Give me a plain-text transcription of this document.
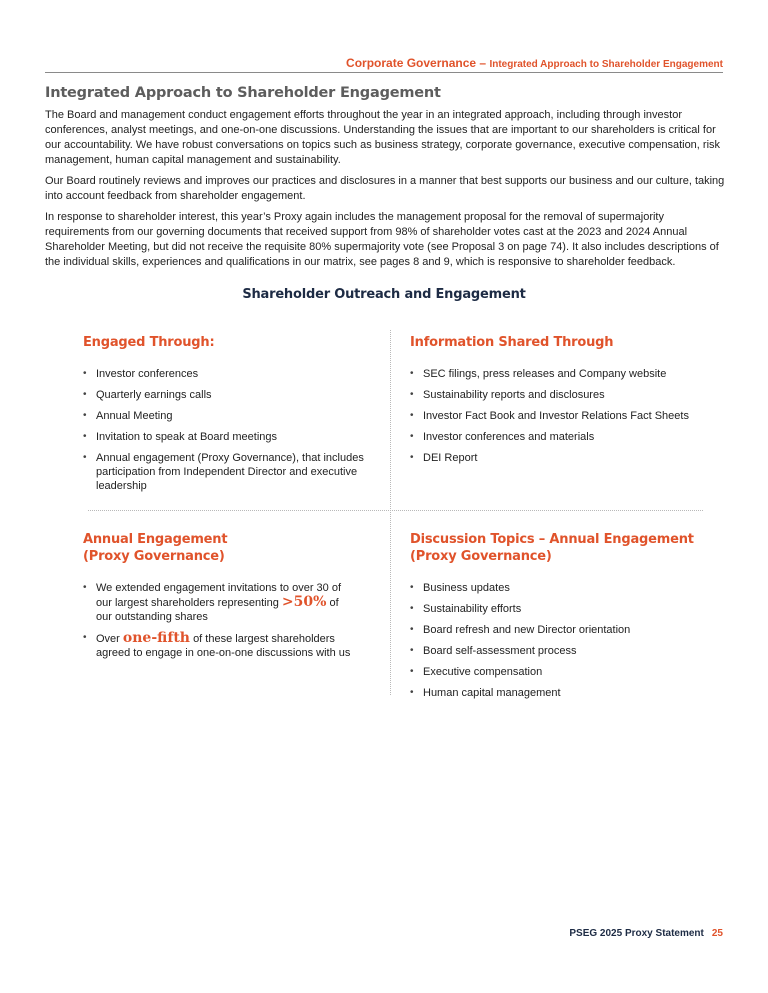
Corporate Governance – Integrated Approach to Shareholder Engagement
Integrated Approach to Shareholder Engagement

The Board and management conduct engagement efforts throughout the year in an integrated approach, including through investor conferences, analyst meetings, and one-on-one discussions. Understanding the issues that are important to our shareholders is critical for our accountability. We have robust conversations on topics such as business strategy, corporate governance, executive compensation, risk management, human capital management and sustainability.

Our Board routinely reviews and improves our practices and disclosures in a manner that best supports our business and our culture, taking into account feedback from shareholder engagement.

In response to shareholder interest, this year’s Proxy again includes the management proposal for the removal of supermajority requirements from our governing documents that received support from 98% of shareholder votes cast at the 2023 and 2024 Annual Shareholder Meeting, but did not receive the requisite 80% supermajority vote (see Proposal 3 on page 74). It also includes descriptions of the individual skills, experiences and qualifications in our matrix, see pages 8 and 9, which is responsive to shareholder feedback.

Shareholder Outreach and Engagement
Engaged Through:
• Investor conferences
• Quarterly earnings calls
• Annual Meeting
• Invitation to speak at Board meetings
• Annual engagement (Proxy Governance), that includes participation from Independent Director and executive leadership
Information Shared Through
• SEC filings, press releases and Company website
• Sustainability reports and disclosures
• Investor Fact Book and Investor Relations Fact Sheets
• Investor conferences and materials
• DEI Report
Annual Engagement
(Proxy Governance)
• We extended engagement invitations to over 30 of our largest shareholders representing >50% of our outstanding shares
• Over one-fifth of these largest shareholders agreed to engage in one-on-one discussions with us
Discussion Topics – Annual Engagement
(Proxy Governance)
• Business updates
• Sustainability efforts
• Board refresh and new Director orientation
• Board self-assessment process
• Executive compensation
• Human capital management
PSEG 2025 Proxy Statement 25
